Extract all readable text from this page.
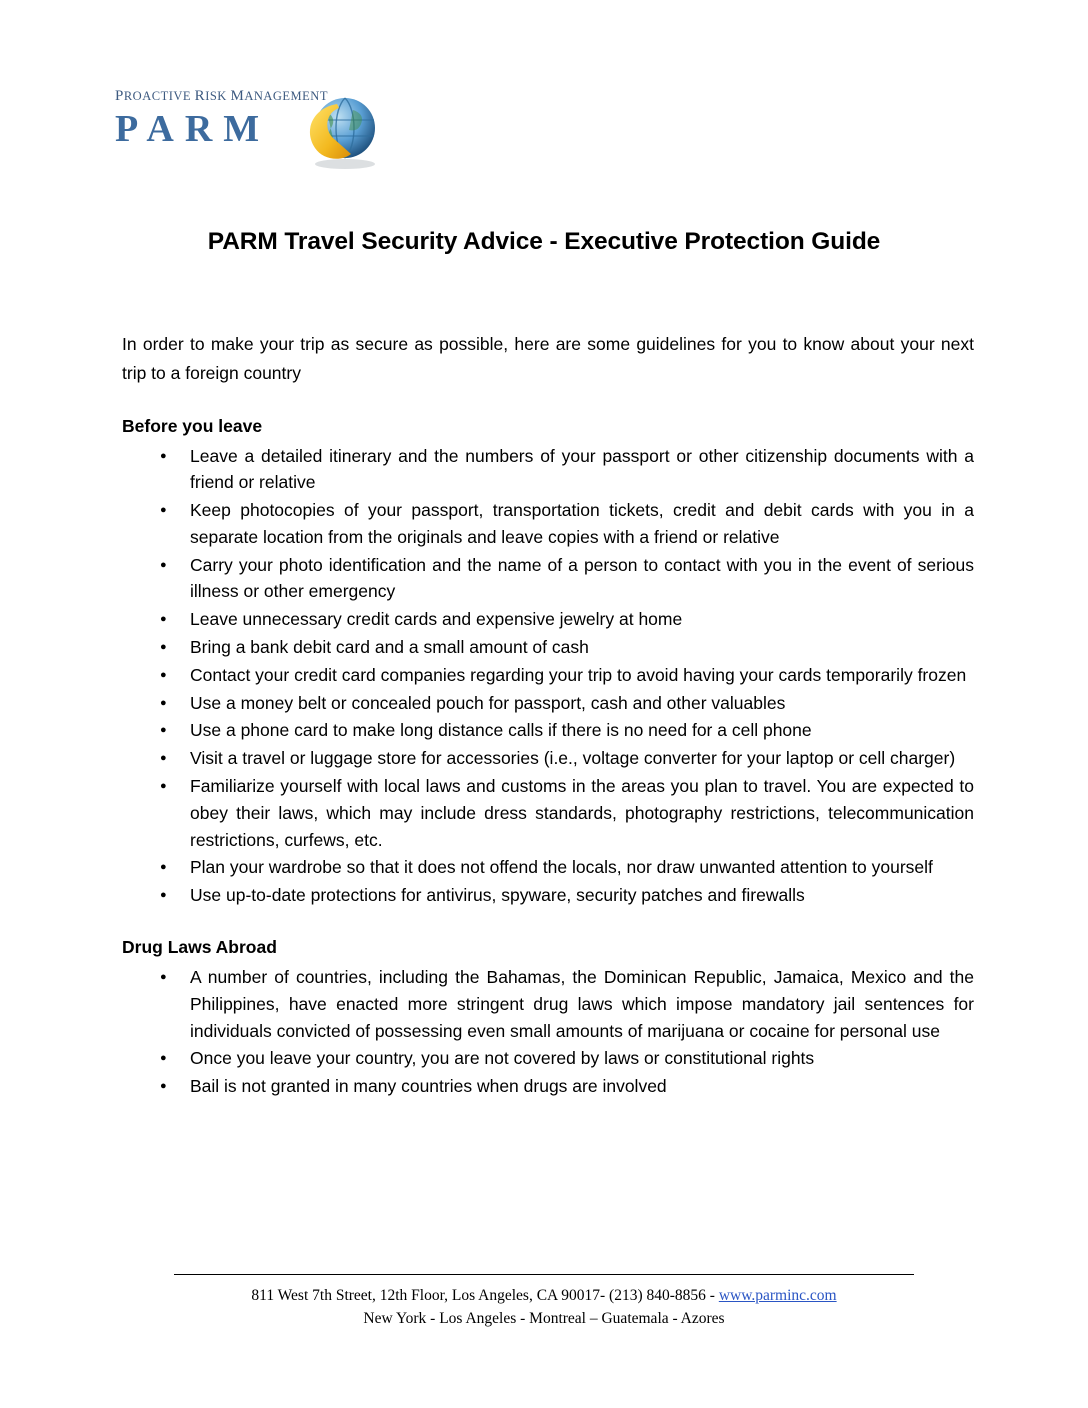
PROACTIVE RISK MANAGEMENT
PARM
PARM Travel Security Advice - Executive Protection Guide

In order to make your trip as secure as possible, here are some guidelines for you to know about your next trip to a foreign country

Before you leave
● Leave a detailed itinerary and the numbers of your passport or other citizenship documents with a friend or relative
● Keep photocopies of your passport, transportation tickets, credit and debit cards with you in a separate location from the originals and leave copies with a friend or relative
● Carry your photo identification and the name of a person to contact with you in the event of serious illness or other emergency
● Leave unnecessary credit cards and expensive jewelry at home
● Bring a bank debit card and a small amount of cash
● Contact your credit card companies regarding your trip to avoid having your cards temporarily frozen
● Use a money belt or concealed pouch for passport, cash and other valuables
● Use a phone card to make long distance calls if there is no need for a cell phone
● Visit a travel or luggage store for accessories (i.e., voltage converter for your laptop or cell charger)
● Familiarize yourself with local laws and customs in the areas you plan to travel. You are expected to obey their laws, which may include dress standards, photography restrictions, telecommunication restrictions, curfews, etc.
● Plan your wardrobe so that it does not offend the locals, nor draw unwanted attention to yourself
● Use up-to-date protections for antivirus, spyware, security patches and firewalls
Drug Laws Abroad
● A number of countries, including the Bahamas, the Dominican Republic, Jamaica, Mexico and the Philippines, have enacted more stringent drug laws which impose mandatory jail sentences for individuals convicted of possessing even small amounts of marijuana or cocaine for personal use
● Once you leave your country, you are not covered by laws or constitutional rights
● Bail is not granted in many countries when drugs are involved
811 West 7th Street, 12th Floor, Los Angeles, CA 90017- (213) 840-8856 - www.parminc.com
New York - Los Angeles - Montreal – Guatemala - Azores
